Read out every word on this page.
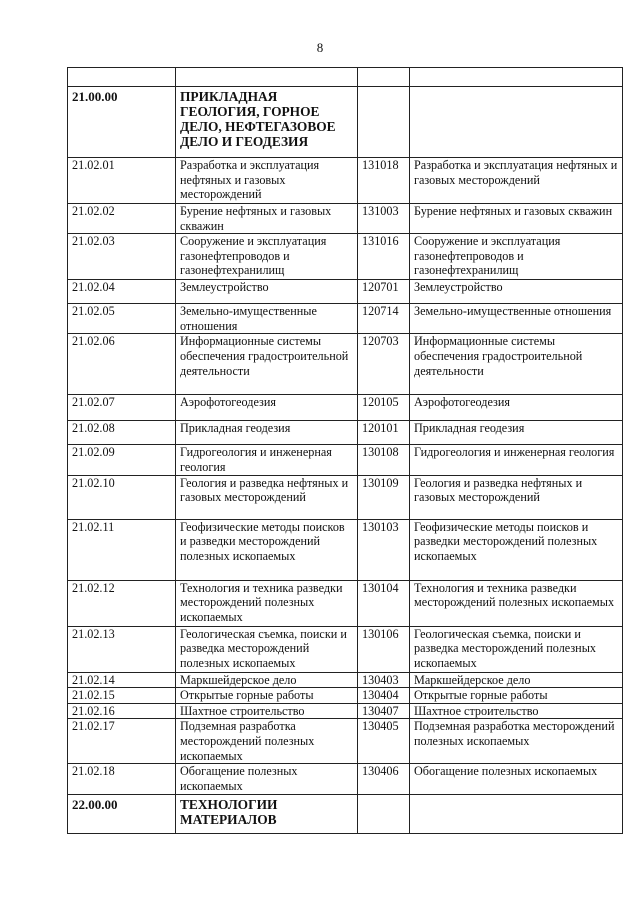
8

21.00.00	ПРИКЛАДНАЯ ГЕОЛОГИЯ, ГОРНОЕ ДЕЛО, НЕФТЕГАЗОВОЕ ДЕЛО И ГЕОДЕЗИЯ		
21.02.01	Разработка и эксплуатация нефтяных и газовых месторождений	131018	Разработка и эксплуатация нефтяных и газовых месторождений
21.02.02	Бурение нефтяных и газовых скважин	131003	Бурение нефтяных и газовых скважин
21.02.03	Сооружение и эксплуатация газонефтепроводов и газонефтехранилищ	131016	Сооружение и эксплуатация газонефтепроводов и газонефтехранилищ
21.02.04	Землеустройство	120701	Землеустройство
21.02.05	Земельно-имущественные отношения	120714	Земельно-имущественные отношения
21.02.06	Информационные системы обеспечения градостроительной деятельности	120703	Информационные системы обеспечения градостроительной деятельности
21.02.07	Аэрофотогеодезия	120105	Аэрофотогеодезия
21.02.08	Прикладная геодезия	120101	Прикладная геодезия
21.02.09	Гидрогеология и инженерная геология	130108	Гидрогеология и инженерная геология
21.02.10	Геология и разведка нефтяных и газовых месторождений	130109	Геология и разведка нефтяных и газовых месторождений
21.02.11	Геофизические методы поисков и разведки месторождений полезных ископаемых	130103	Геофизические методы поисков и разведки месторождений полезных ископаемых
21.02.12	Технология и техника разведки месторождений полезных ископаемых	130104	Технология и техника разведки месторождений полезных ископаемых
21.02.13	Геологическая съемка, поиски и разведка месторождений полезных ископаемых	130106	Геологическая съемка, поиски и разведка месторождений полезных ископаемых
21.02.14	Маркшейдерское дело	130403	Маркшейдерское дело
21.02.15	Открытые горные работы	130404	Открытые горные работы
21.02.16	Шахтное строительство	130407	Шахтное строительство
21.02.17	Подземная разработка месторождений полезных ископаемых	130405	Подземная разработка месторождений полезных ископаемых
21.02.18	Обогащение полезных ископаемых	130406	Обогащение полезных ископаемых
22.00.00	ТЕХНОЛОГИИ МАТЕРИАЛОВ		
